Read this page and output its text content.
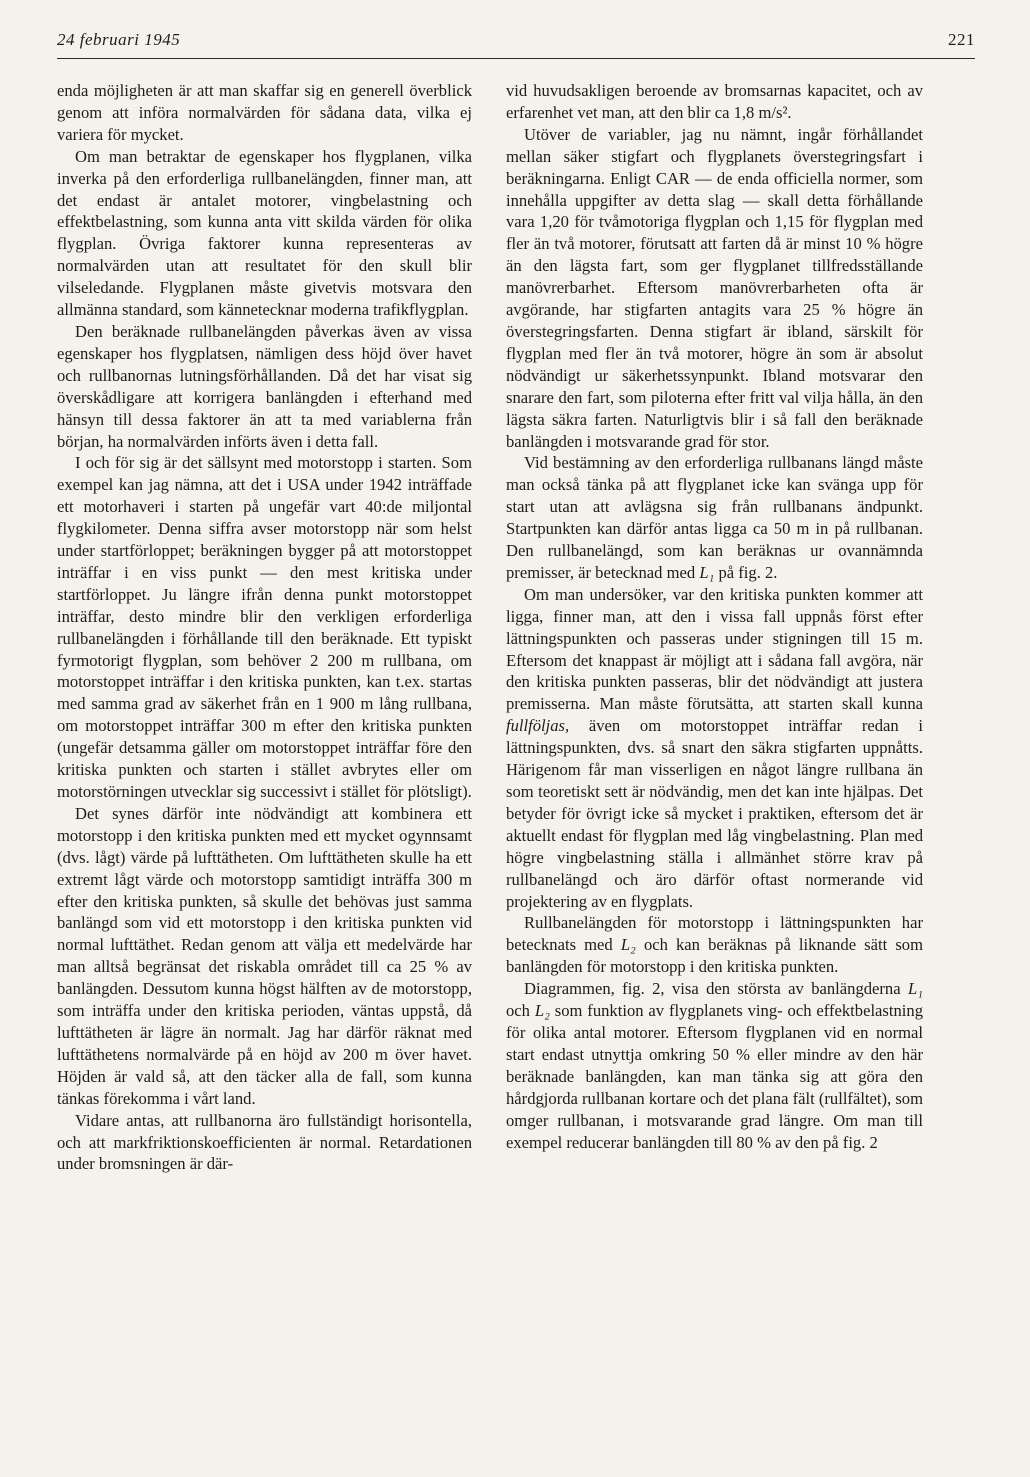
24 februari 1945	221

enda möjligheten är att man skaffar sig en generell överblick genom att införa normalvärden för sådana data, vilka ej variera för mycket.

Om man betraktar de egenskaper hos flygplanen, vilka inverka på den erforderliga rullbanelängden, finner man, att det endast är antalet motorer, vingbelastning och effektbelastning, som kunna anta vitt skilda värden för olika flygplan. Övriga faktorer kunna representeras av normalvärden utan att resultatet för den skull blir vilseledande. Flygplanen måste givetvis motsvara den allmänna standard, som kännetecknar moderna trafikflygplan.

Den beräknade rullbanelängden påverkas även av vissa egenskaper hos flygplatsen, nämligen dess höjd över havet och rullbanornas lutningsförhållanden. Då det har visat sig överskådligare att korrigera banlängden i efterhand med hänsyn till dessa faktorer än att ta med variablerna från början, ha normalvärden införts även i detta fall.

I och för sig är det sällsynt med motorstopp i starten. Som exempel kan jag nämna, att det i USA under 1942 inträffade ett motorhaveri i starten på ungefär vart 40:de miljontal flygkilometer. Denna siffra avser motorstopp när som helst under startförloppet; beräkningen bygger på att motorstoppet inträffar i en viss punkt — den mest kritiska under startförloppet. Ju längre ifrån denna punkt motorstoppet inträffar, desto mindre blir den verkligen erforderliga rullbanelängden i förhållande till den beräknade. Ett typiskt fyrmotorigt flygplan, som behöver 2 200 m rullbana, om motorstoppet inträffar i den kritiska punkten, kan t.ex. startas med samma grad av säkerhet från en 1 900 m lång rullbana, om motorstoppet inträffar 300 m efter den kritiska punkten (ungefär detsamma gäller om motorstoppet inträffar före den kritiska punkten och starten i stället avbrytes eller om motorstörningen utvecklar sig successivt i stället för plötsligt).

Det synes därför inte nödvändigt att kombinera ett motorstopp i den kritiska punkten med ett mycket ogynnsamt (dvs. lågt) värde på lufttätheten. Om lufttätheten skulle ha ett extremt lågt värde och motorstopp samtidigt inträffa 300 m efter den kritiska punkten, så skulle det behövas just samma banlängd som vid ett motorstopp i den kritiska punkten vid normal lufttäthet. Redan genom att välja ett medelvärde har man alltså begränsat det riskabla området till ca 25 % av banlängden. Dessutom kunna högst hälften av de motorstopp, som inträffa under den kritiska perioden, väntas uppstå, då lufttätheten är lägre än normalt. Jag har därför räknat med lufttäthetens normalvärde på en höjd av 200 m över havet. Höjden är vald så, att den täcker alla de fall, som kunna tänkas förekomma i vårt land.

Vidare antas, att rullbanorna äro fullständigt horisontella, och att markfriktionskoefficienten är normal. Retardationen under bromsningen är där-

vid huvudsakligen beroende av bromsarnas kapacitet, och av erfarenhet vet man, att den blir ca 1,8 m/s².

Utöver de variabler, jag nu nämnt, ingår förhållandet mellan säker stigfart och flygplanets överstegringsfart i beräkningarna. Enligt CAR — de enda officiella normer, som innehålla uppgifter av detta slag — skall detta förhållande vara 1,20 för tvåmotoriga flygplan och 1,15 för flygplan med fler än två motorer, förutsatt att farten då är minst 10 % högre än den lägsta fart, som ger flygplanet tillfredsställande manövrerbarhet. Eftersom manövrerbarheten ofta är avgörande, har stigfarten antagits vara 25 % högre än överstegringsfarten. Denna stigfart är ibland, särskilt för flygplan med fler än två motorer, högre än som är absolut nödvändigt ur säkerhetssynpunkt. Ibland motsvarar den snarare den fart, som piloterna efter fritt val vilja hålla, än den lägsta säkra farten. Naturligtvis blir i så fall den beräknade banlängden i motsvarande grad för stor.

Vid bestämning av den erforderliga rullbanans längd måste man också tänka på att flygplanet icke kan svänga upp för start utan att avlägsna sig från rullbanans ändpunkt. Startpunkten kan därför antas ligga ca 50 m in på rullbanan. Den rullbanelängd, som kan beräknas ur ovannämnda premisser, är betecknad med L₁ på fig. 2.

Om man undersöker, var den kritiska punkten kommer att ligga, finner man, att den i vissa fall uppnås först efter lättningspunkten och passeras under stigningen till 15 m. Eftersom det knappast är möjligt att i sådana fall avgöra, när den kritiska punkten passeras, blir det nödvändigt att justera premisserna. Man måste förutsätta, att starten skall kunna fullföljas, även om motorstoppet inträffar redan i lättningspunkten, dvs. så snart den säkra stigfarten uppnåtts. Härigenom får man visserligen en något längre rullbana än som teoretiskt sett är nödvändig, men det kan inte hjälpas. Det betyder för övrigt icke så mycket i praktiken, eftersom det är aktuellt endast för flygplan med låg vingbelastning. Plan med högre vingbelastning ställa i allmänhet större krav på rullbanelängd och äro därför oftast normerande vid projektering av en flygplats.

Rullbanelängden för motorstopp i lättningspunkten har betecknats med L₂ och kan beräknas på liknande sätt som banlängden för motorstopp i den kritiska punkten.

Diagrammen, fig. 2, visa den största av banlängderna L₁ och L₂ som funktion av flygplanets ving- och effektbelastning för olika antal motorer. Eftersom flygplanen vid en normal start endast utnyttja omkring 50 % eller mindre av den här beräknade banlängden, kan man tänka sig att göra den hårdgjorda rullbanan kortare och det plana fält (rullfältet), som omger rullbanan, i motsvarande grad längre. Om man till exempel reducerar banlängden till 80 % av den på fig. 2
